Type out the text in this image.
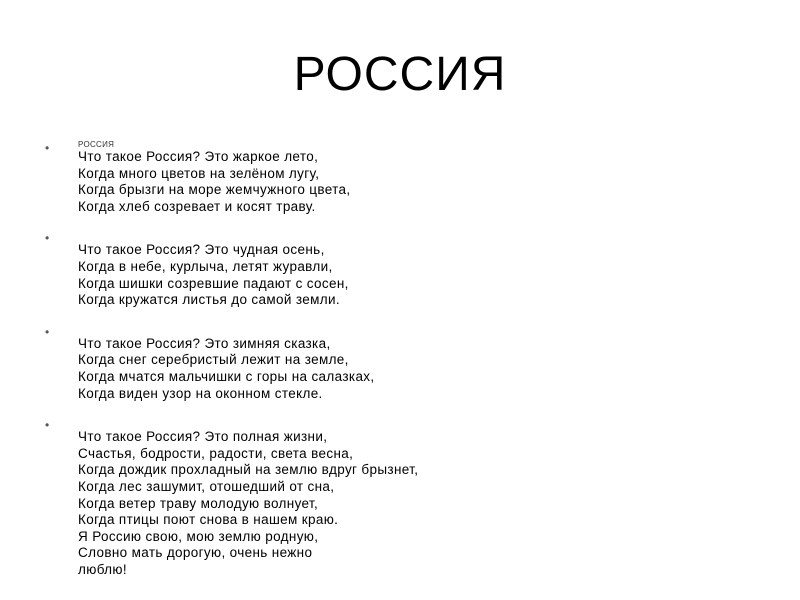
РОССИЯ
•	РОССИЯ
Что такое Россия? Это жаркое лето,
Когда много цветов на зелёном лугу,
Когда брызги на море жемчужного цвета,
Когда хлеб созревает и косят траву.
•
Что такое Россия? Это чудная осень,
Когда в небе, курлыча, летят журавли,
Когда шишки созревшие падают с сосен,
Когда кружатся листья до самой земли.
•
Что такое Россия? Это зимняя сказка,
Когда снег серебристый лежит на земле,
Когда мчатся мальчишки с горы на салазках,
Когда виден узор на оконном стекле.
•
Что такое Россия? Это полная жизни,
Счастья, бодрости, радости, света весна,
Когда дождик прохладный на землю вдруг брызнет,
Когда лес зашумит, отошедший от сна,
Когда ветер траву молодую волнует,
Когда птицы поют снова в нашем краю.
Я Россию свою, мою землю родную,
Словно мать дорогую, очень нежно
люблю!
